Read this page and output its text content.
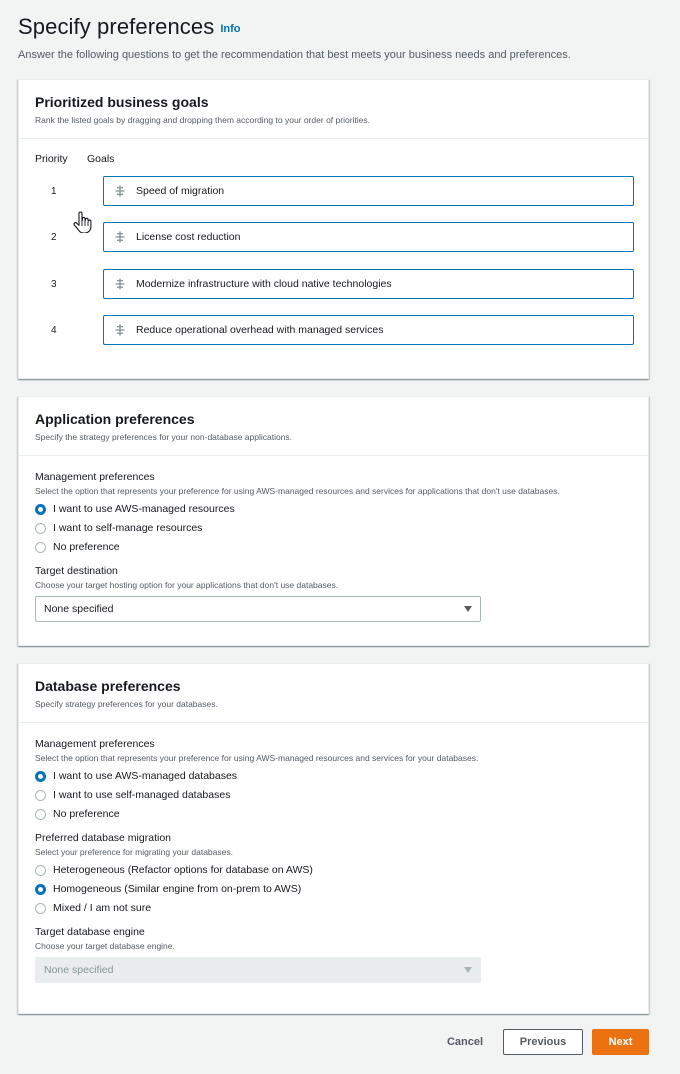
Specify preferences Info
Answer the following questions to get the recommendation that best meets your business needs and preferences.
Prioritized business goals
Rank the listed goals by dragging and dropping them according to your order of priorities.
Priority	Goals
1	Speed of migration
2	License cost reduction
3	Modernize infrastructure with cloud native technologies
4	Reduce operational overhead with managed services
Application preferences
Specify the strategy preferences for your non-database applications.
Management preferences
Select the option that represents your preference for using AWS-managed resources and services for applications that don't use databases.
I want to use AWS-managed resources
I want to self-manage resources
No preference
Target destination
Choose your target hosting option for your applications that don't use databases.
None specified
Database preferences
Specify strategy preferences for your databases.
Management preferences
Select the option that represents your preference for using AWS-managed resources and services for your databases.
I want to use AWS-managed databases
I want to use self-managed databases
No preference
Preferred database migration
Select your preference for migrating your databases.
Heterogeneous (Refactor options for database on AWS)
Homogeneous (Similar engine from on-prem to AWS)
Mixed / I am not sure
Target database engine
Choose your target database engine.
None specified
Cancel	Previous	Next
